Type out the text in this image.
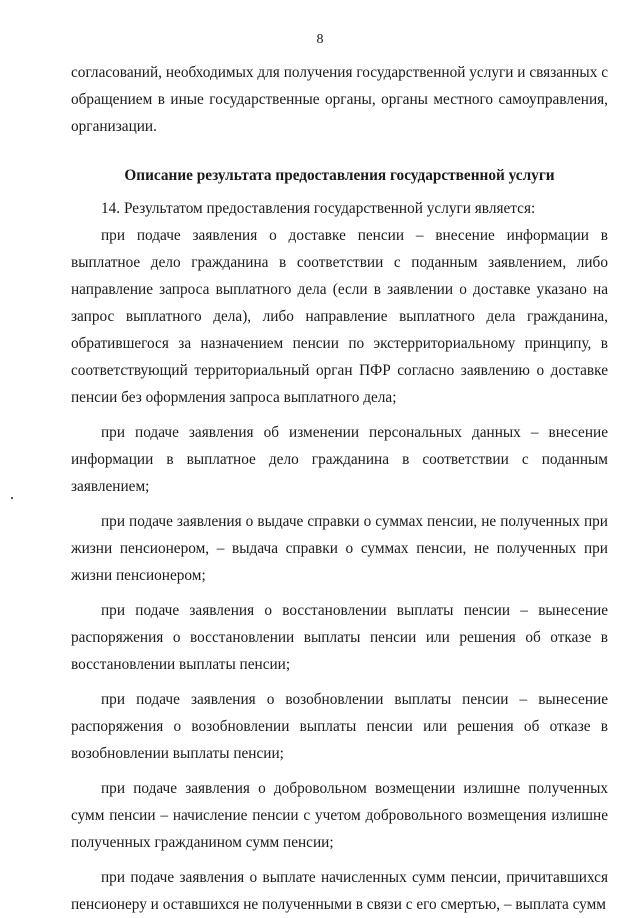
8

согласований, необходимых для получения государственной услуги и связанных с обращением в иные государственные органы, органы местного самоуправления, организации.

Описание результата предоставления государственной услуги

14. Результатом предоставления государственной услуги является:

при подаче заявления о доставке пенсии – внесение информации в выплатное дело гражданина в соответствии с поданным заявлением, либо направление запроса выплатного дела (если в заявлении о доставке указано на запрос выплатного дела), либо направление выплатного дела гражданина, обратившегося за назначением пенсии по экстерриториальному принципу, в соответствующий территориальный орган ПФР согласно заявлению о доставке пенсии без оформления запроса выплатного дела;

при подаче заявления об изменении персональных данных – внесение информации в выплатное дело гражданина в соответствии с поданным заявлением;

при подаче заявления о выдаче справки о суммах пенсии, не полученных при жизни пенсионером, – выдача справки о суммах пенсии, не полученных при жизни пенсионером;

при подаче заявления о восстановлении выплаты пенсии – вынесение распоряжения о восстановлении выплаты пенсии или решения об отказе в восстановлении выплаты пенсии;

при подаче заявления о возобновлении выплаты пенсии – вынесение распоряжения о возобновлении выплаты пенсии или решения об отказе в возобновлении выплаты пенсии;

при подаче заявления о добровольном возмещении излишне полученных сумм пенсии – начисление пенсии с учетом добровольного возмещения излишне полученных гражданином сумм пенсии;

при подаче заявления о выплате начисленных сумм пенсии, причитавшихся пенсионеру и оставшихся не полученными в связи с его смертью, – выплата сумм
